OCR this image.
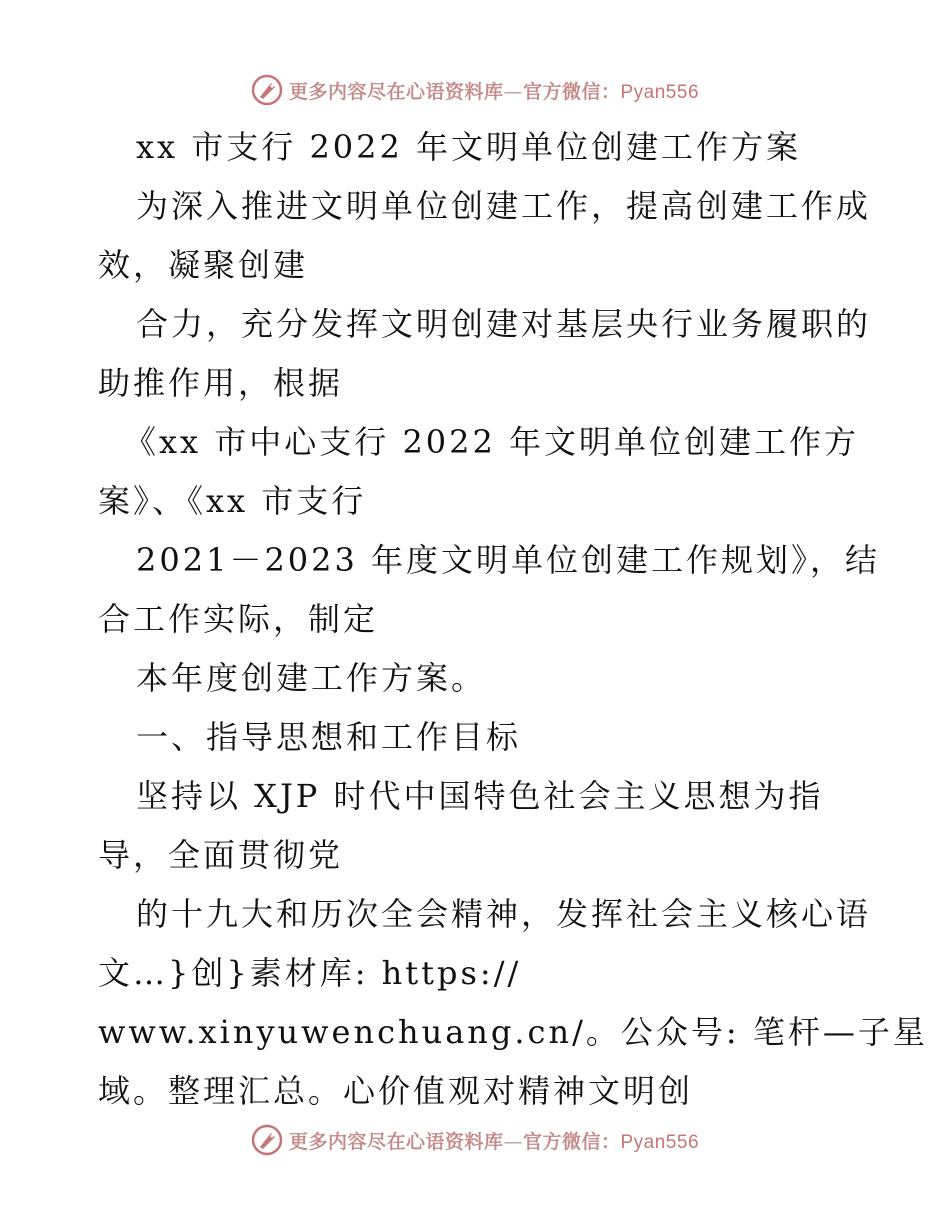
更多内容尽在心语资料库—官方微信：Pyan556
xx 市支行 2022 年文明单位创建工作方案
为深入推进文明单位创建工作，提高创建工作成
效，凝聚创建
合力，充分发挥文明创建对基层央行业务履职的
助推作用，根据
《xx 市中心支行 2022 年文明单位创建工作方
案》、《xx 市支行
2021－2023 年度文明单位创建工作规划》，结
合工作实际，制定
本年度创建工作方案。
一、指导思想和工作目标
坚持以 XJP 时代中国特色社会主义思想为指
导，全面贯彻党
的十九大和历次全会精神，发挥社会主义核心语
文…}创}素材库: https://
www.xinyuwenchuang.cn/。公众号: 笔杆—子星
域。整理汇总。心价值观对精神文明创
更多内容尽在心语资料库—官方微信：Pyan556
